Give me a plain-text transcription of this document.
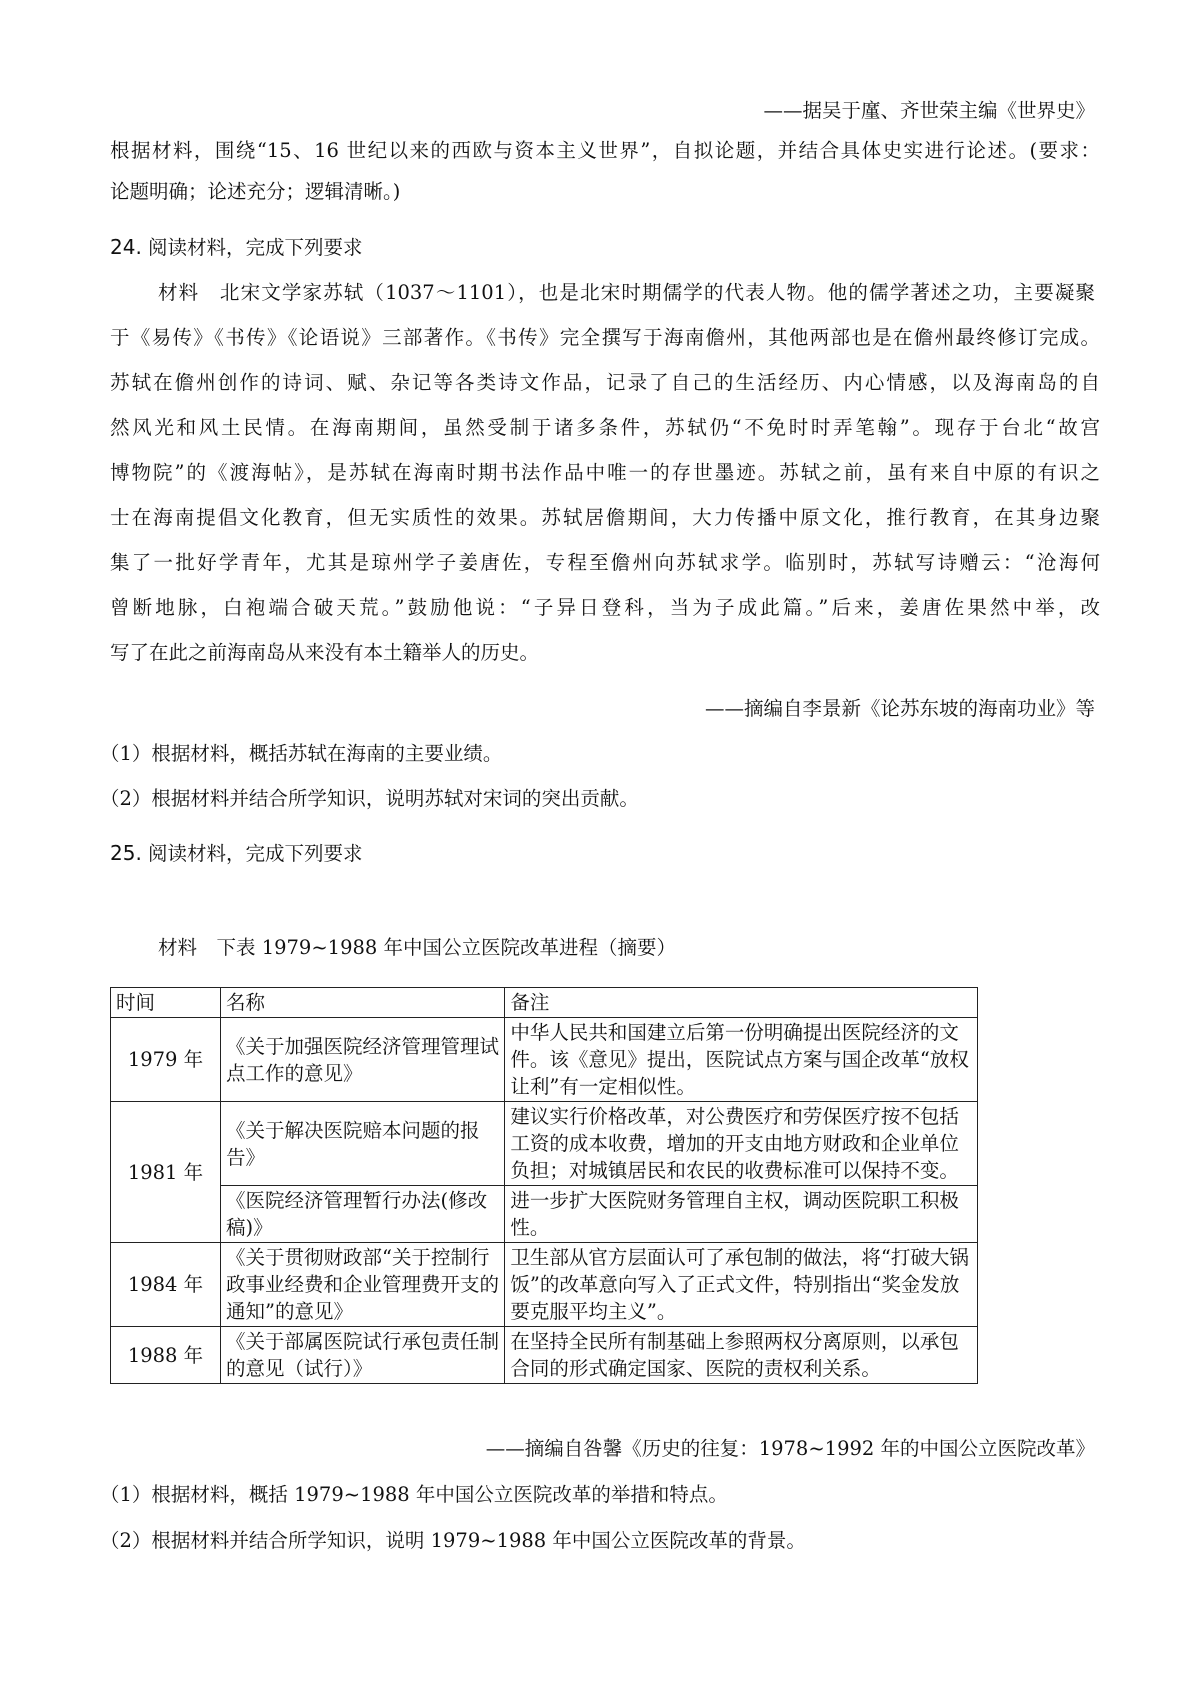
——据吴于廑、齐世荣主编《世界史》
根据材料，围绕“15、16 世纪以来的西欧与资本主义世界”，自拟论题，并结合具体史实进行论述。(要求：
论题明确；论述充分；逻辑清晰。)
24. 阅读材料，完成下列要求
材料　北宋文学家苏轼（1037～1101），也是北宋时期儒学的代表人物。他的儒学著述之功，主要凝聚
于《易传》《书传》《论语说》三部著作。《书传》完全撰写于海南儋州，其他两部也是在儋州最终修订完成。
苏轼在儋州创作的诗词、赋、杂记等各类诗文作品，记录了自己的生活经历、内心情感，以及海南岛的自
然风光和风土民情。在海南期间，虽然受制于诸多条件，苏轼仍“不免时时弄笔翰”。现存于台北“故宫
博物院”的《渡海帖》，是苏轼在海南时期书法作品中唯一的存世墨迹。苏轼之前，虽有来自中原的有识之
士在海南提倡文化教育，但无实质性的效果。苏轼居儋期间，大力传播中原文化，推行教育，在其身边聚
集了一批好学青年，尤其是琼州学子姜唐佐，专程至儋州向苏轼求学。临别时，苏轼写诗赠云：“沧海何
曾断地脉，白袍端合破天荒。”鼓励他说：“子异日登科，当为子成此篇。”后来，姜唐佐果然中举，改
写了在此之前海南岛从来没有本土籍举人的历史。
——摘编自李景新《论苏东坡的海南功业》等
（1）根据材料，概括苏轼在海南的主要业绩。
（2）根据材料并结合所学知识，说明苏轼对宋词的突出贡献。
25. 阅读材料，完成下列要求
材料　下表 1979~1988 年中国公立医院改革进程（摘要）
时间	名称	备注
1979 年	《关于加强医院经济管理管理试点工作的意见》	中华人民共和国建立后第一份明确提出医院经济的文件。该《意见》提出，医院试点方案与国企改革“放权让利”有一定相似性。
1981 年	《关于解决医院赔本问题的报告》	建议实行价格改革，对公费医疗和劳保医疗按不包括工资的成本收费，增加的开支由地方财政和企业单位负担；对城镇居民和农民的收费标准可以保持不变。
	《医院经济管理暂行办法(修改稿)》	进一步扩大医院财务管理自主权，调动医院职工积极性。
1984 年	《关于贯彻财政部“关于控制行政事业经费和企业管理费开支的通知”的意见》	卫生部从官方层面认可了承包制的做法，将“打破大锅饭”的改革意向写入了正式文件，特别指出“奖金发放要克服平均主义”。
1988 年	《关于部属医院试行承包责任制的意见（试行）》	在坚持全民所有制基础上参照两权分离原则，以承包合同的形式确定国家、医院的责权利关系。
——摘编自咎馨《历史的往复：1978~1992 年的中国公立医院改革》
（1）根据材料，概括 1979~1988 年中国公立医院改革的举措和特点。
（2）根据材料并结合所学知识，说明 1979~1988 年中国公立医院改革的背景。
